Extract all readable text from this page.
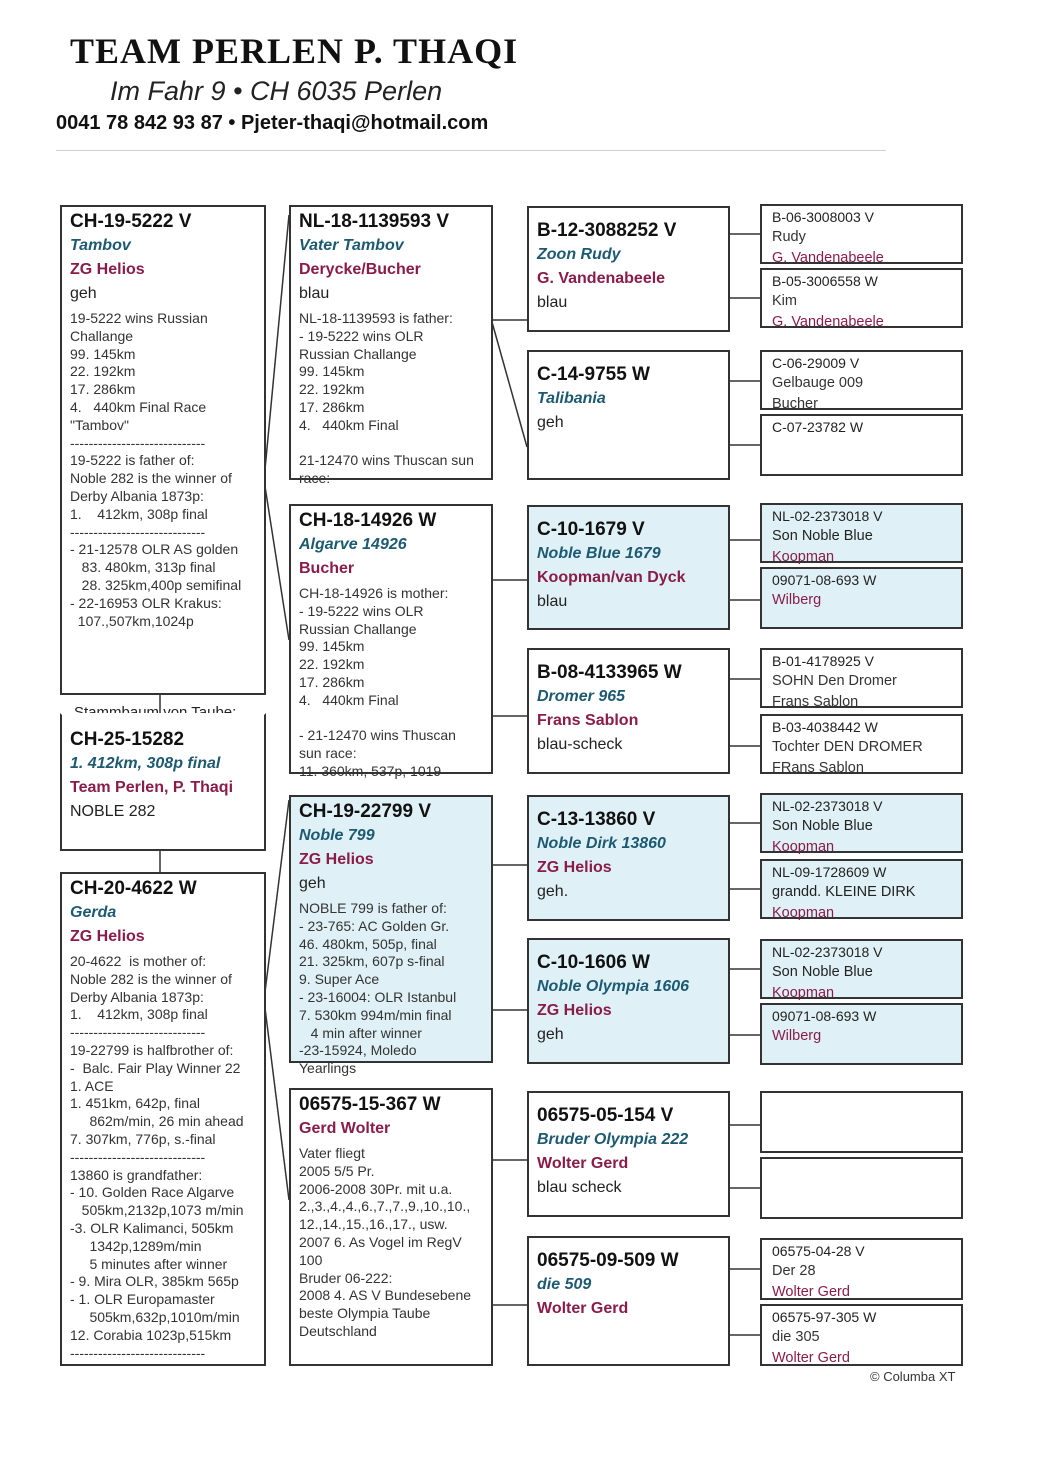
TEAM PERLEN P. THAQI
Im Fahr 9 • CH 6035 Perlen
0041 78 842 93 87 • Pjeter-thaqi@hotmail.com
CH-19-5222 V
Tambov
ZG Helios
geh
19-5222 wins Russian
Challange
99. 145km
22. 192km
17. 286km
4.   440km Final Race
"Tambov"
-----------------------------
19-5222 is father of:
Noble 282 is the winner of
Derby Albania 1873p:
1.    412km, 308p final
-----------------------------
- 21-12578 OLR AS golden
83. 480km, 313p final
28. 325km,400p semifinal
- 22-16953 OLR Krakus:
107.,507km,1024p
CH-25-15282
1. 412km, 308p final
Team Perlen, P. Thaqi
NOBLE 282
CH-20-4622 W
Gerda
ZG Helios
20-4622  is mother of:
Noble 282 is the winner of
Derby Albania 1873p:
1.    412km, 308p final
-----------------------------
19-22799 is halfbrother of:
-  Balc. Fair Play Winner 22
1. ACE
1. 451km, 642p, final
862m/min, 26 min ahead
7. 307km, 776p, s.-final
-----------------------------
13860 is grandfather:
- 10. Golden Race Algarve
505km,2132p,1073 m/min
-3. OLR Kalimanci, 505km
1342p,1289m/min
5 minutes after winner
- 9. Mira OLR, 385km 565p
- 1. OLR Europamaster
505km,632p,1010m/min
12. Corabia 1023p,515km
-----------------------------
NL-18-1139593 V
Vater Tambov
Derycke/Bucher
blau
NL-18-1139593 is father:
- 19-5222 wins OLR
Russian Challange
99. 145km
22. 192km
17. 286km
4.   440km Final

21-12470 wins Thuscan sun
race:
CH-18-14926 W
Algarve 14926
Bucher
CH-18-14926 is mother:
- 19-5222 wins OLR
Russian Challange
99. 145km
22. 192km
17. 286km
4.   440km Final

- 21-12470 wins Thuscan
sun race:
11. 360km, 537p, 1019
CH-19-22799 V
Noble 799
ZG Helios
geh
NOBLE 799 is father of:
- 23-765: AC Golden Gr.
46. 480km, 505p, final
21. 325km, 607p s-final
9. Super Ace
- 23-16004: OLR Istanbul
7. 530km 994m/min final
4 min after winner
-23-15924, Moledo
Yearlings
06575-15-367 W
Gerd Wolter
Vater fliegt
2005 5/5 Pr.
2006-2008 30Pr. mit u.a.
2.,3.,4.,4.,6.,7.,7.,9.,10.,10.,
12.,14.,15.,16.,17., usw.
2007 6. As Vogel im RegV
100
Bruder 06-222:
2008 4. AS V Bundesebene
beste Olympia Taube
Deutschland
B-12-3088252 V
Zoon Rudy
G. Vandenabeele
blau
C-14-9755 W
Talibania
geh
C-10-1679 V
Noble Blue 1679
Koopman/van Dyck
blau
B-08-4133965 W
Dromer 965
Frans Sablon
blau-scheck
C-13-13860 V
Noble Dirk 13860
ZG Helios
geh.
C-10-1606 W
Noble Olympia 1606
ZG Helios
geh
06575-05-154 V
Bruder Olympia 222
Wolter Gerd
blau scheck
06575-09-509 W
die 509
Wolter Gerd
B-06-3008003 V
Rudy
G. Vandenabeele
B-05-3006558 W
Kim
G. Vandenabeele
C-06-29009 V
Gelbauge 009
Bucher
C-07-23782 W
NL-02-2373018 V
Son Noble Blue
Koopman
09071-08-693 W
Wilberg
B-01-4178925 V
SOHN Den Dromer
Frans Sablon
B-03-4038442 W
Tochter DEN DROMER
FRans Sablon
NL-02-2373018 V
Son Noble Blue
Koopman
NL-09-1728609 W
grandd. KLEINE DIRK
Koopman
NL-02-2373018 V
Son Noble Blue
Koopman
09071-08-693 W
Wilberg
06575-04-28 V
Der 28
Wolter Gerd
06575-97-305 W
die 305
Wolter Gerd
© Columba XT
